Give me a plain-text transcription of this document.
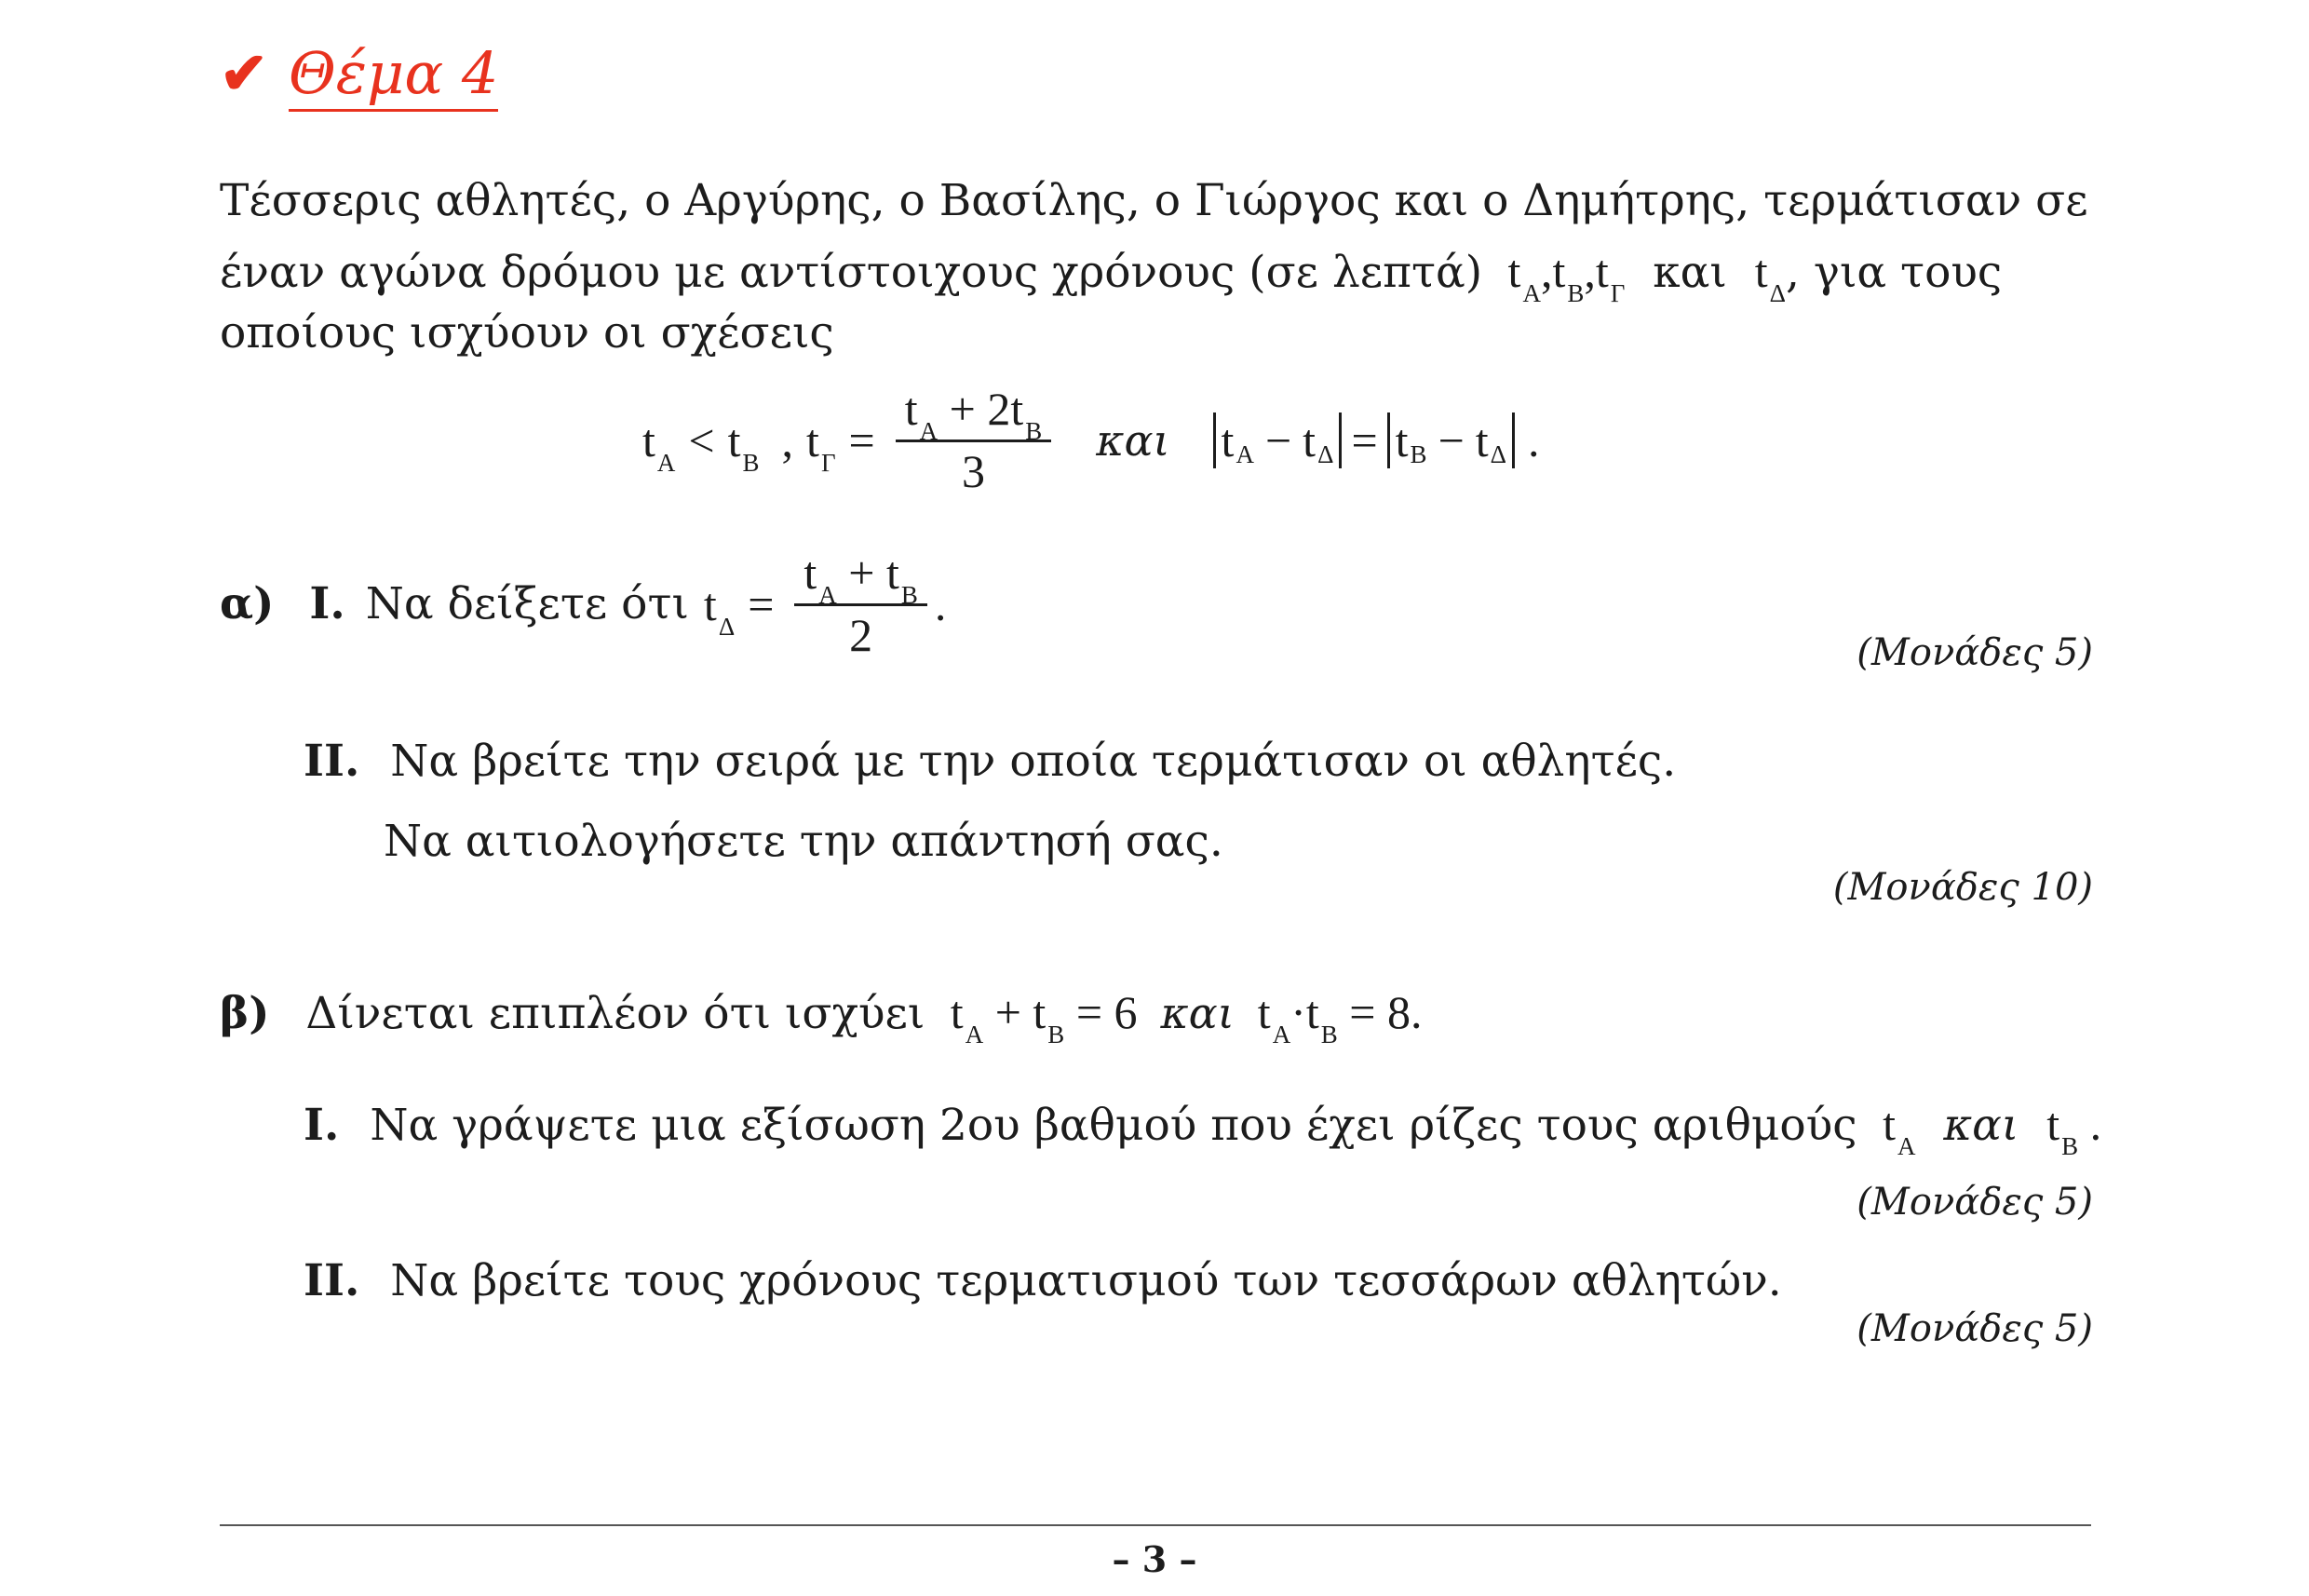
✔ Θέμα 4
Τέσσερις αθλητές, ο Αργύρης, ο Βασίλης, ο Γιώργος και ο Δημήτρης, τερμάτισαν σε
έναν αγώνα δρόμου με αντίστοιχους χρόνους (σε λεπτά) $t_A,t_B,t_\Gamma$ και $t_\Delta$, για τους
οποίους ισχύουν οι σχέσεις
$t_A < t_B$ , $t_\Gamma = \frac{t_A + 2t_B}{3}$ και t A − t Δ = t B − t Δ .
α) I. Να δείξετε ότι $t_\Delta = \frac{t_A + t_B}{2}$ .
(Μονάδες 5)
II. Να βρείτε την σειρά με την οποία τερμάτισαν οι αθλητές.
Να αιτιολογήσετε την απάντησή σας.
(Μονάδες 10)
β) Δίνεται επιπλέον ότι ισχύει $t_A + t_B = 6$ και $t_A\cdot t_B = 8$.
I. Να γράψετε μια εξίσωση 2ου βαθμού που έχει ρίζες τους αριθμούς $t_A$ και $t_B$ .
(Μονάδες 5)
II. Να βρείτε τους χρόνους τερματισμού των τεσσάρων αθλητών.
(Μονάδες 5)
– 3 –
